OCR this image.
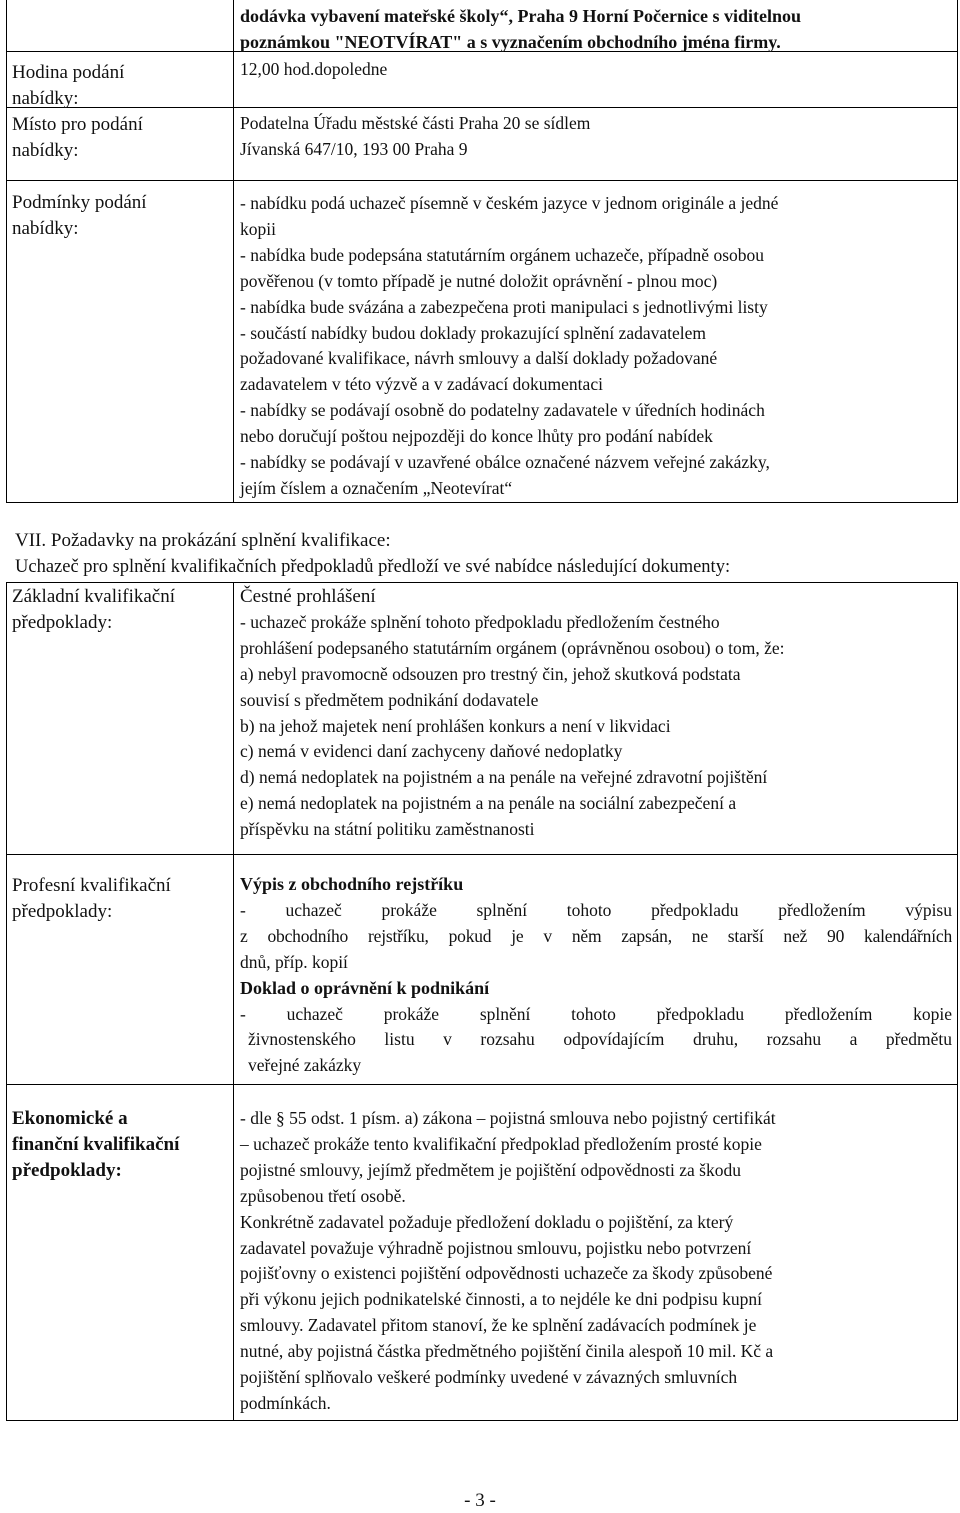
dodávka vybavení mateřské školy“, Praha 9 Horní Počernice s viditelnou
poznámkou "NEOTVÍRAT" a s vyznačením obchodního jména firmy.
Hodina podání
nabídky:
12,00 hod.dopoledne
Místo pro podání
nabídky:
Podatelna Úřadu městské části Praha 20 se sídlem
Jívanská 647/10, 193 00 Praha 9
Podmínky podání
nabídky:
- nabídku podá uchazeč písemně v českém jazyce v jednom originále a jedné
kopii
- nabídka bude podepsána statutárním orgánem uchazeče, případně osobou
pověřenou (v tomto případě je nutné doložit oprávnění - plnou moc)
- nabídka bude svázána a zabezpečena proti manipulaci s jednotlivými listy
- součástí nabídky budou doklady prokazující splnění zadavatelem
požadované kvalifikace, návrh smlouvy a další doklady požadované
zadavatelem v této výzvě a v zadávací dokumentaci
- nabídky se podávají osobně do podatelny zadavatele v úředních hodinách
nebo doručují poštou nejpozději do konce lhůty pro podání nabídek
- nabídky se podávají v uzavřené obálce označené názvem veřejné zakázky,
jejím číslem a označením „Neotevírat“
VII. Požadavky na prokázání splnění kvalifikace:
Uchazeč pro splnění kvalifikačních předpokladů předloží ve své nabídce následující dokumenty:
Základní kvalifikační
předpoklady:
Čestné prohlášení
- uchazeč prokáže splnění tohoto předpokladu předložením čestného
prohlášení podepsaného statutárním orgánem (oprávněnou osobou) o tom, že:
a) nebyl pravomocně odsouzen pro trestný čin, jehož skutková podstata
souvisí s předmětem podnikání dodavatele
b) na jehož majetek není prohlášen konkurs a není v likvidaci
c) nemá v evidenci daní zachyceny daňové nedoplatky
d) nemá nedoplatek na pojistném a na penále na veřejné zdravotní pojištění
e) nemá nedoplatek na pojistném a na penále na sociální zabezpečení a
příspěvku na státní politiku zaměstnanosti
Profesní kvalifikační
předpoklady:
Výpis z obchodního rejstříku
- uchazeč prokáže splnění tohoto předpokladu předložením výpisu
z obchodního rejstříku, pokud je v něm zapsán, ne starší než 90 kalendářních
dnů, příp. kopií
Doklad o oprávnění k podnikání
- uchazeč prokáže splnění tohoto předpokladu předložením kopie
živnostenského listu v rozsahu odpovídajícím druhu, rozsahu a předmětu
veřejné zakázky
Ekonomické a
finanční kvalifikační
předpoklady:
- dle § 55 odst. 1 písm. a) zákona – pojistná smlouva nebo pojistný certifikát
– uchazeč prokáže tento kvalifikační předpoklad předložením prosté kopie
pojistné smlouvy, jejímž předmětem je pojištění odpovědnosti za škodu
způsobenou třetí osobě.
Konkrétně zadavatel požaduje předložení dokladu o pojištění, za který
zadavatel považuje výhradně pojistnou smlouvu, pojistku nebo potvrzení
pojišťovny o existenci pojištění odpovědnosti uchazeče za škody způsobené
při výkonu jejich podnikatelské činnosti, a to nejdéle ke dni podpisu kupní
smlouvy. Zadavatel přitom stanoví, že ke splnění zadávacích podmínek je
nutné, aby pojistná částka předmětného pojištění činila alespoň 10 mil. Kč a
pojištění splňovalo veškeré podmínky uvedené v závazných smluvních
podmínkách.
- 3 -
